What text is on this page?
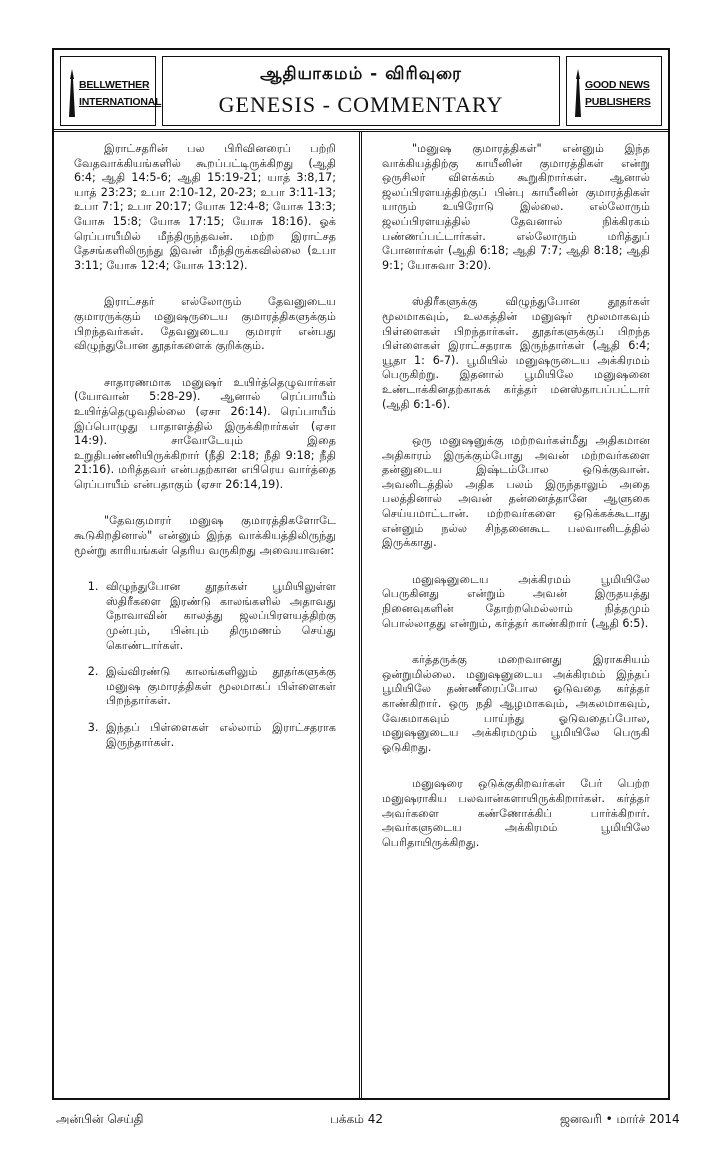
BELLWETHER
INTERNATIONAL
ஆதியாகமம் - விரிவுரை
GENESIS - COMMENTARY
GOOD NEWS
PUBLISHERS

இராட்சதரின் பல பிரிவினரைப் பற்றி வேதவாக்கியங்களில் கூறப்பட்டிருக்கிறது (ஆதி 6:4; ஆதி 14:5-6; ஆதி 15:19-21; யாத் 3:8,17; யாத் 23:23; உபா 2:10-12, 20-23; உபா 3:11-13; உபா 7:1; உபா 20:17; யோசு 12:4-8; யோசு 13:3; யோசு 15:8; யோசு 17:15; யோசு 18:16). ஓக் ரெப்பாயீமில் மீந்திருந்தவன். மற்ற இராட்சத தேசங்களிலிருந்து இவன் மீந்திருக்கவில்லை (உபா 3:11; யோசு 12:4; யோசு 13:12).

இராட்சதர் எல்லோரும் தேவனுடைய குமாரருக்கும் மனுஷருடைய குமாரத்திகளுக்கும் பிறந்தவர்கள். தேவனுடைய குமாரர் என்பது விழுந்துபோன தூதர்களைக் குறிக்கும்.

சாதாரணமாக மனுஷர் உயிர்த்தெழுவார்கள் (யோவான் 5:28-29). ஆனால் ரெப்பாயீம் உயிர்த்தெழுவதில்லை (ஏசா 26:14). ரெப்பாயீம் இப்பொழுது பாதாளத்தில் இருக்கிறார்கள் (ஏசா 14:9). சாவோடேயும் இதை உறுதிபண்ணியிருக்கிறார் (நீதி 2:18; நீதி 9:18; நீதி 21:16). மரித்தவர் என்பதற்கான எபிரெய வார்த்தை ரெப்பாயீம் என்பதாகும் (ஏசா 26:14,19).

"தேவகுமாரர் மனுஷ குமாரத்திகளோடே கூடுகிறதினால்" என்னும் இந்த வாக்கியத்திலிருந்து மூன்று காரியங்கள் தெரிய வருகிறது அவையாவன:

1. விழுந்துபோன தூதர்கள் பூமியிலுள்ள ஸ்திரீகளை இரண்டு காலங்களில் அதாவது நோவாவின் காலத்து ஜலப்பிரளயத்திற்கு முன்பும், பின்பும் திருமணம் செய்து கொண்டார்கள்.
2. இவ்விரண்டு காலங்களிலும் தூதர்களுக்கு மனுஷ குமாரத்திகள் மூலமாகப் பிள்ளைகள் பிறந்தார்கள்.
3. இந்தப் பிள்ளைகள் எல்லாம் இராட்சதராக இருந்தார்கள்.

"மனுஷ குமாரத்திகள்" என்னும் இந்த வாக்கியத்திற்கு காயீனின் குமாரத்திகள் என்று ஒருசிலர் விளக்கம் கூறுகிறார்கள். ஆனால் ஜலப்பிரளயத்திற்குப் பின்பு காயீனின் குமாரத்திகள் யாரும் உயிரோடு இல்லை. எல்லோரும் ஜலப்பிரளயத்தில் தேவனால் நிக்கிரகம் பண்ணப்பட்டார்கள். எல்லோரும் மரித்துப் போனார்கள் (ஆதி 6:18; ஆதி 7:7; ஆதி 8:18; ஆதி 9:1; யோசுவா 3:20).

ஸ்திரீகளுக்கு விழுந்துபோன தூதர்கள் மூலமாகவும், உலகத்தின் மனுஷர் மூலமாகவும் பிள்ளைகள் பிறந்தார்கள். தூதர்களுக்குப் பிறந்த பிள்ளைகள் இராட்சதராக இருந்தார்கள் (ஆதி 6:4; யூதா 1: 6-7). பூமியில் மனுஷருடைய அக்கிரமம் பெருகிற்று. இதனால் பூமியிலே மனுஷனை உண்டாக்கினதற்காகக் கர்த்தர் மனஸ்தாபப்பட்டார் (ஆதி 6:1-6).

ஒரு மனுஷனுக்கு மற்றவர்கள்மீது அதிகமான அதிகாரம் இருக்கும்போது அவன் மற்றவர்களை தன்னுடைய இஷ்டம்போல ஒடுக்குவான். அவனிடத்தில் அதிக பலம் இருந்தாலும் அதை பலத்தினால் அவன் தன்னைத்தானே ஆளுகை செய்யமாட்டான். மற்றவர்களை ஒடுக்கக்கூடாது என்னும் நல்ல சிந்தனைகூட பலவானிடத்தில் இருக்காது.

மனுஷனுடைய அக்கிரமம் பூமியிலே பெருகினது என்றும் அவன் இருதயத்து நினைவுகளின் தோற்றமெல்லாம் நித்தமும் பொல்லாதது என்றும், கர்த்தர் காண்கிறார் (ஆதி 6:5).

கர்த்தருக்கு மறைவானது இராகசியம் ஒன்றுமில்லை. மனுஷனுடைய அக்கிரமம் இந்தப் பூமியிலே தண்ணீரைப்போல ஓடுவதை கர்த்தர் காண்கிறார். ஒரு நதி ஆழமாகவும், அகலமாகவும், வேகமாகவும் பாய்ந்து ஓடுவதைப்போல, மனுஷனுடைய அக்கிரமமும் பூமியிலே பெருகி ஓடுகிறது.

மனுஷரை ஒடுக்குகிறவர்கள் பேர் பெற்ற மனுஷராகிய பலவான்களாயிருக்கிறார்கள். கர்த்தர் அவர்களை கண்ணோக்கிப் பார்க்கிறார். அவர்களுடைய அக்கிரமம் பூமியிலே பெரிதாயிருக்கிறது.

அன்பின் செய்தி	பக்கம் 42	ஜனவரி • மார்ச் 2014
